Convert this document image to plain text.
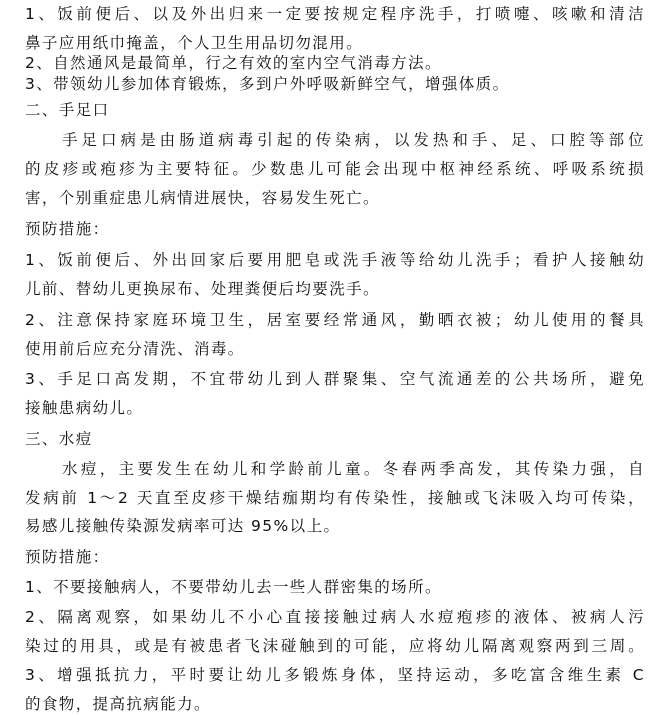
1、饭前便后、以及外出归来一定要按规定程序洗手，打喷嚏、咳嗽和清洁
鼻子应用纸巾掩盖，个人卫生用品切勿混用。
2、自然通风是最简单，行之有效的室内空气消毒方法。
3、带领幼儿参加体育锻炼，多到户外呼吸新鲜空气，增强体质。
二、手足口
手足口病是由肠道病毒引起的传染病，以发热和手、足、口腔等部位
的皮疹或疱疹为主要特征。少数患儿可能会出现中枢神经系统、呼吸系统损
害，个别重症患儿病情进展快，容易发生死亡。
预防措施：
1、饭前便后、外出回家后要用肥皂或洗手液等给幼儿洗手；看护人接触幼
儿前、替幼儿更换尿布、处理粪便后均要洗手。
2、注意保持家庭环境卫生，居室要经常通风，勤晒衣被；幼儿使用的餐具
使用前后应充分清洗、消毒。
3、手足口高发期，不宜带幼儿到人群聚集、空气流通差的公共场所，避免
接触患病幼儿。
三、水痘
水痘，主要发生在幼儿和学龄前儿童。冬春两季高发，其传染力强，自
发病前 1～2 天直至皮疹干燥结痂期均有传染性，接触或飞沫吸入均可传染，
易感儿接触传染源发病率可达 95%以上。
预防措施：
1、不要接触病人，不要带幼儿去一些人群密集的场所。
2、隔离观察，如果幼儿不小心直接接触过病人水痘疱疹的液体、被病人污
染过的用具，或是有被患者飞沫碰触到的可能，应将幼儿隔离观察两到三周。
3、增强抵抗力，平时要让幼儿多锻炼身体，坚持运动，多吃富含维生素 C
的食物，提高抗病能力。
